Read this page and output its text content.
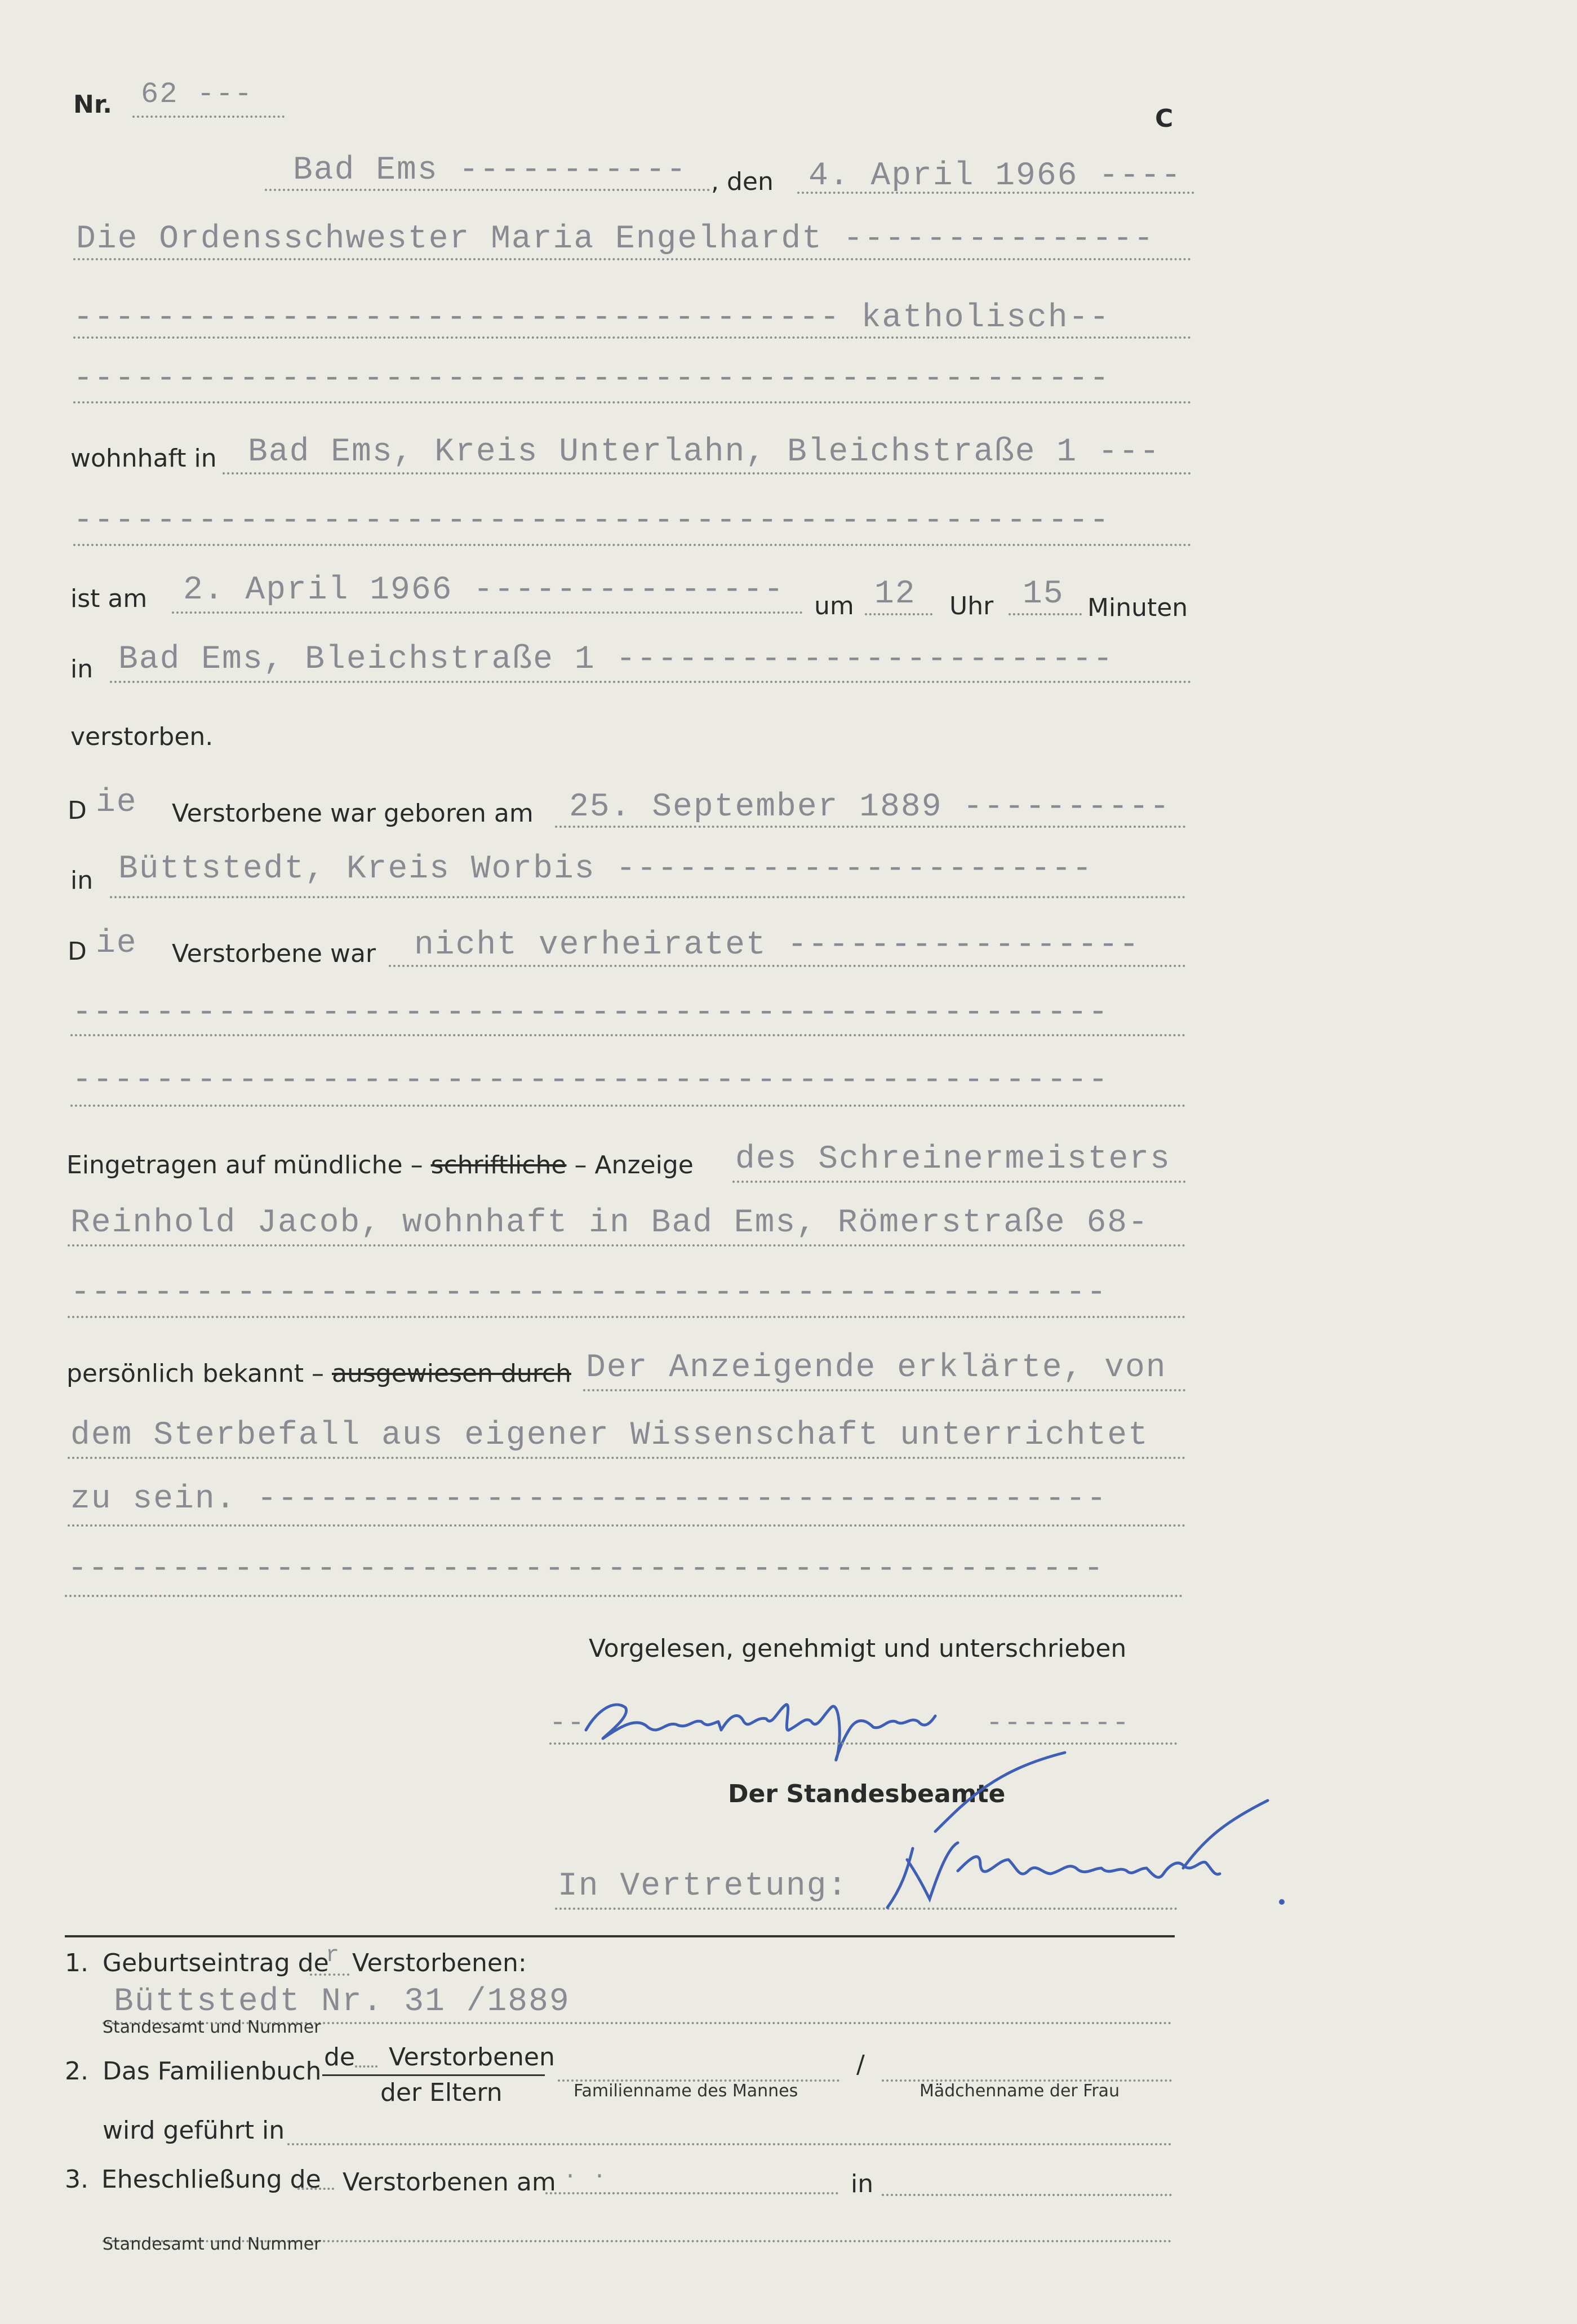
Nr. 62 ---
C
Bad Ems ----------- , den 4. April 1966 ----
Die Ordensschwester Maria Engelhardt ---------------
------------------------------------- katholisch--
--------------------------------------------------
wohnhaft in Bad Ems, Kreis Unterlahn, Bleichstraße 1 ---
--------------------------------------------------
ist am 2. April 1966 --------------- um 12 Uhr 15 Minuten
in Bad Ems, Bleichstraße 1 ------------------------
verstorben.
D ie Verstorbene war geboren am 25. September 1889 ----------
in Büttstedt, Kreis Worbis -----------------------
D ie Verstorbene war nicht verheiratet -----------------
--------------------------------------------------
--------------------------------------------------
Eingetragen auf mündliche – schriftliche – Anzeige des Schreinermeisters
Reinhold Jacob, wohnhaft in Bad Ems, Römerstraße 68-
--------------------------------------------------
persönlich bekannt – ausgewiesen durch Der Anzeigende erklärte, von
dem Sterbefall aus eigener Wissenschaft unterrichtet
zu sein. -----------------------------------------
--------------------------------------------------
Vorgelesen, genehmigt und unterschrieben
--	--------
Der Standesbeamte
In Vertretung:
1. Geburtseintrag de
r Verstorbenen:
Büttstedt Nr. 31 /1889
Standesamt und Nummer
2. Das Familienbuch de Verstorbenen
der Eltern	Familienname des Mannes
/
Mädchenname der Frau
wird geführt in
3. Eheschließung de Verstorbenen am . .	in
Standesamt und Nummer
